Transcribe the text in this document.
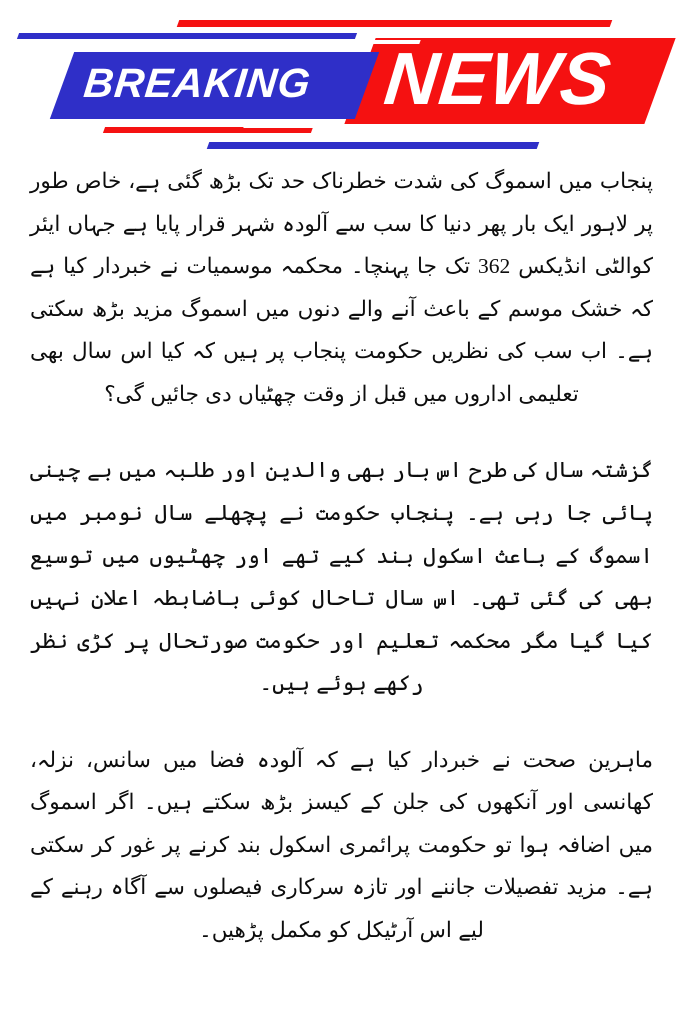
BREAKING NEWS

پنجاب میں اسموگ کی شدت خطرناک حد تک بڑھ گئی ہے، خاص طور پر لاہور ایک بار پھر دنیا کا سب سے آلودہ شہر قرار پایا ہے جہاں ایئر کوالٹی انڈیکس 362 تک جا پہنچا۔ محکمہ موسمیات نے خبردار کیا ہے کہ خشک موسم کے باعث آنے والے دنوں میں اسموگ مزید بڑھ سکتی ہے۔ اب سب کی نظریں حکومت پنجاب پر ہیں کہ کیا اس سال بھی تعلیمی اداروں میں قبل از وقت چھٹیاں دی جائیں گی؟

گزشتہ سال کی طرح اس بار بھی والدین اور طلبہ میں بے چینی پائی جا رہی ہے۔ پنجاب حکومت نے پچھلے سال نومبر میں اسموگ کے باعث اسکول بند کیے تھے اور چھٹیوں میں توسیع بھی کی گئی تھی۔ اس سال تاحال کوئی باضابطہ اعلان نہیں کیا گیا مگر محکمہ تعلیم اور حکومت صورتحال پر کڑی نظر رکھے ہوئے ہیں۔

ماہرین صحت نے خبردار کیا ہے کہ آلودہ فضا میں سانس، نزلہ، کھانسی اور آنکھوں کی جلن کے کیسز بڑھ سکتے ہیں۔ اگر اسموگ میں اضافہ ہوا تو حکومت پرائمری اسکول بند کرنے پر غور کر سکتی ہے۔ مزید تفصیلات جاننے اور تازہ سرکاری فیصلوں سے آگاہ رہنے کے لیے اس آرٹیکل کو مکمل پڑھیں۔
